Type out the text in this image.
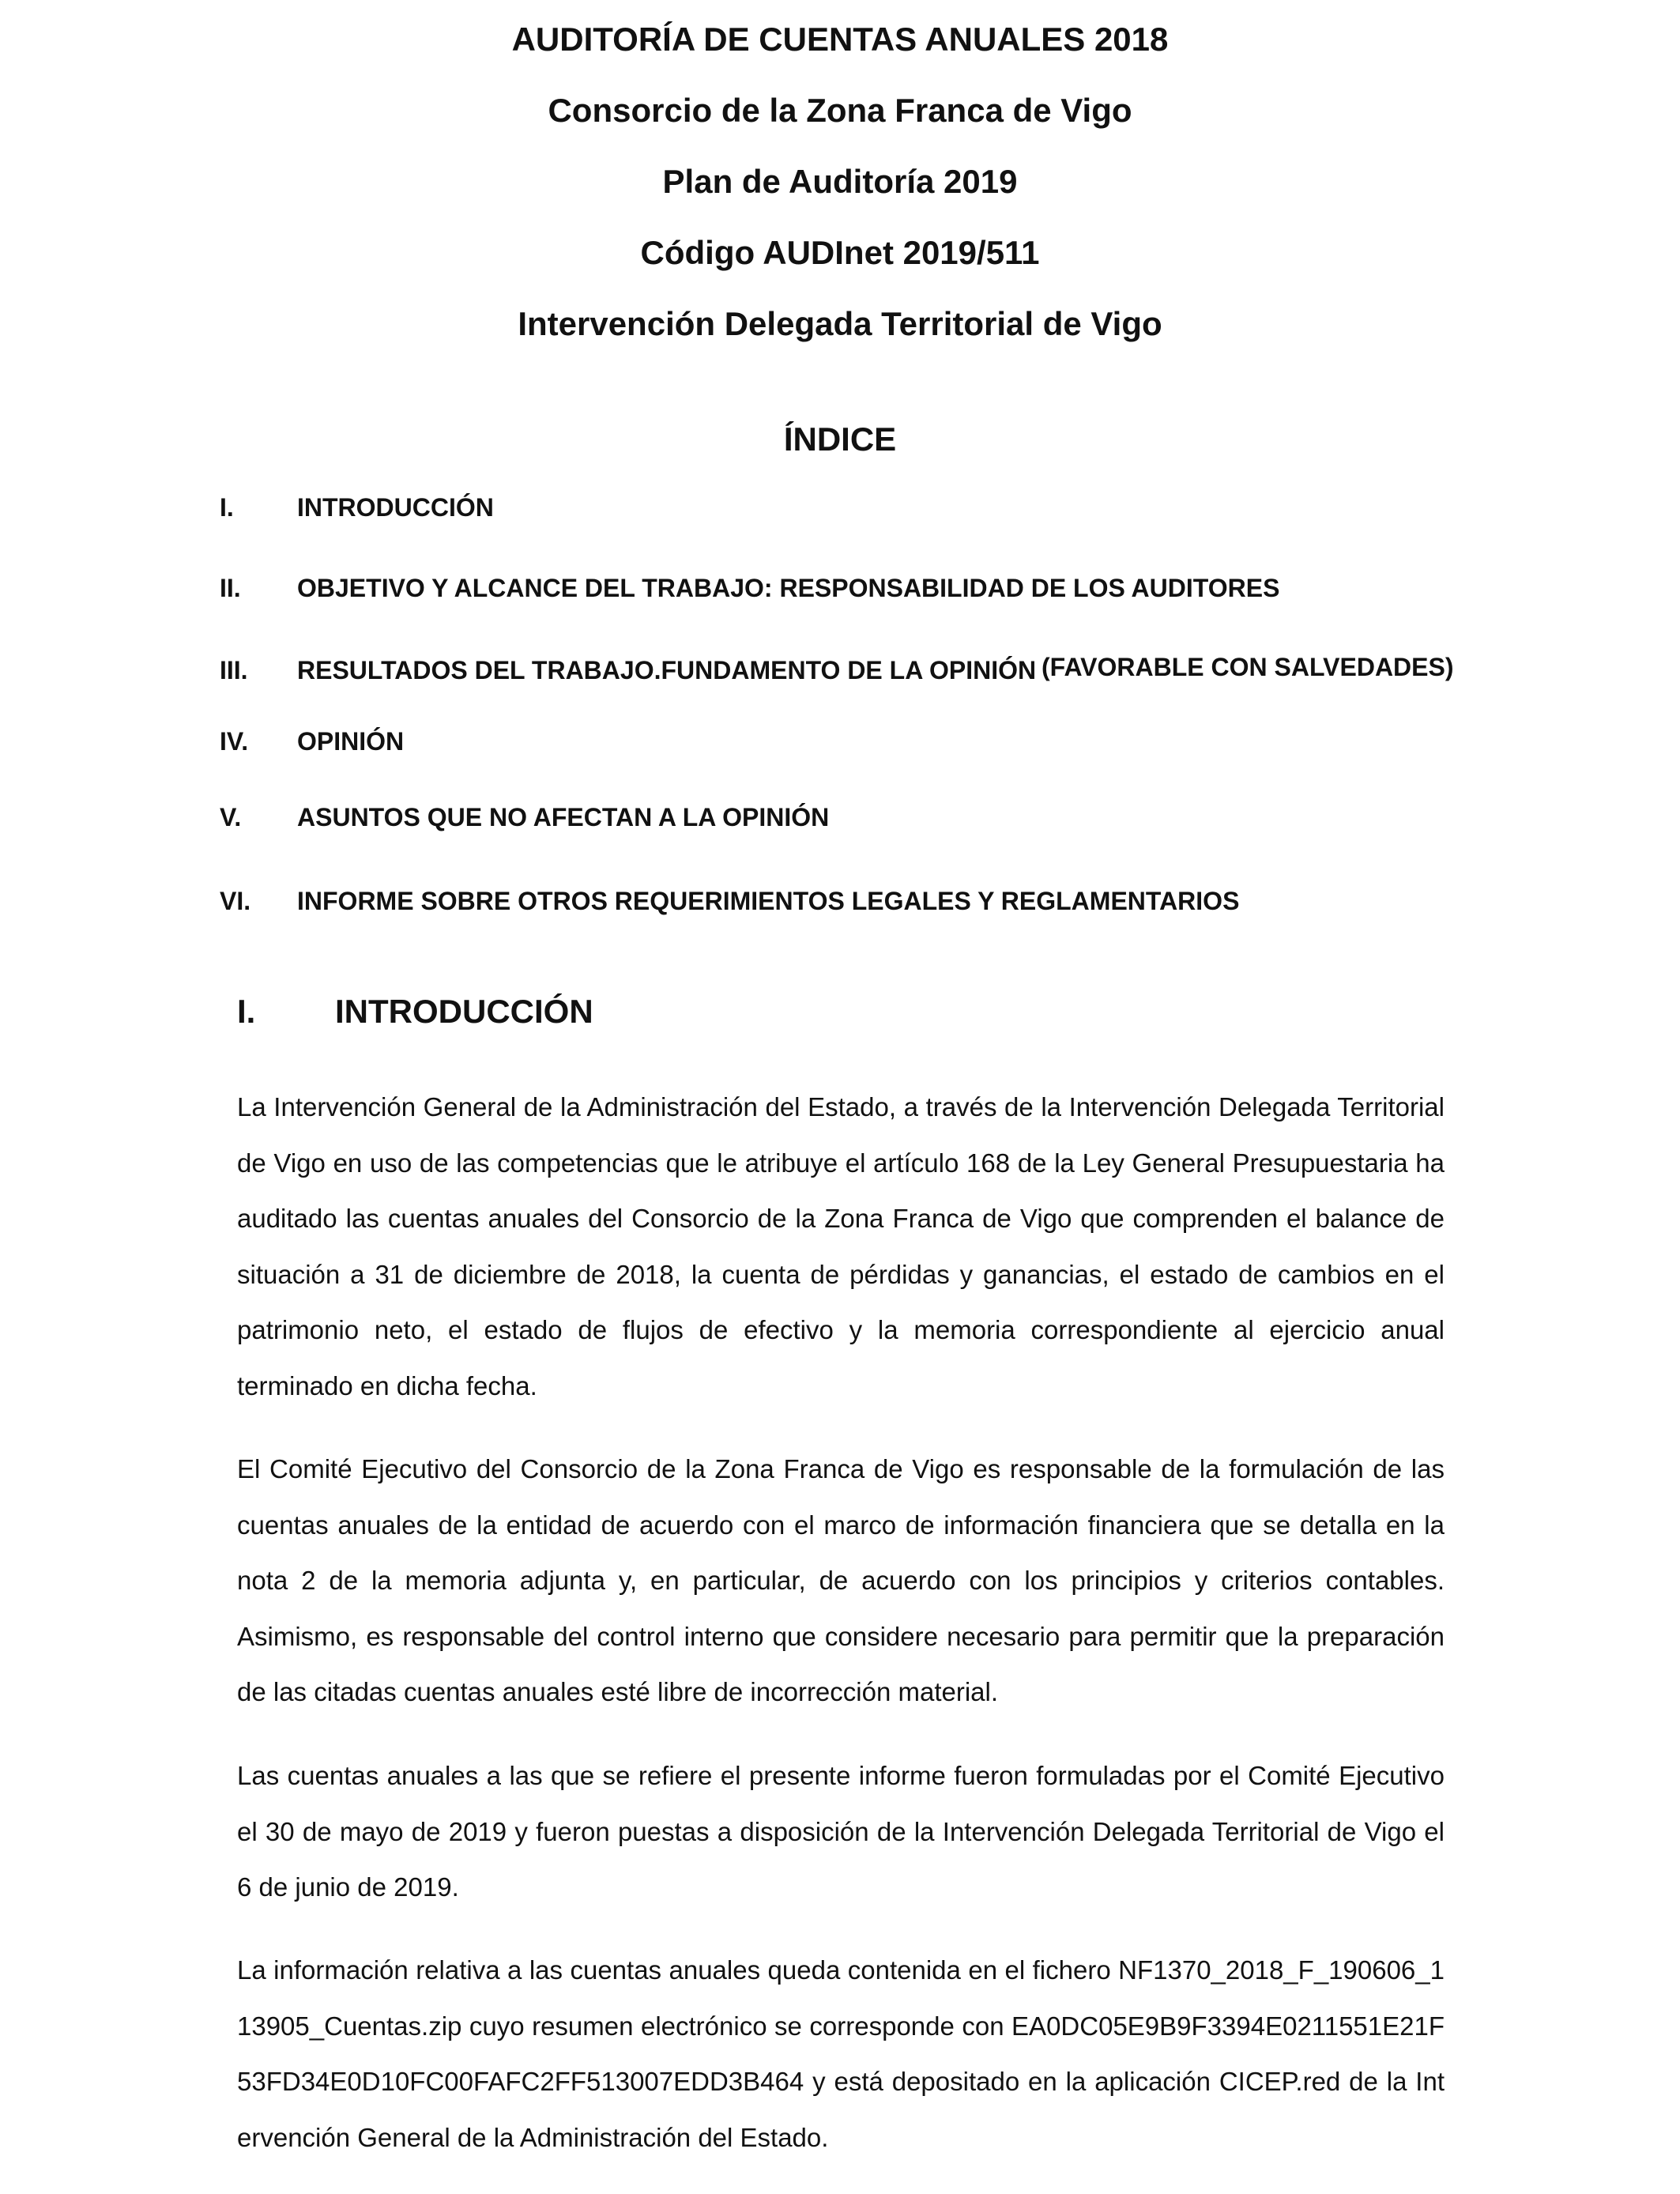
AUDITORÍA DE CUENTAS ANUALES 2018
Consorcio de la Zona Franca de Vigo
Plan de Auditoría 2019
Código AUDInet 2019/511
Intervención Delegada Territorial de Vigo
ÍNDICE
I.	INTRODUCCIÓN
II. OBJETIVO Y ALCANCE DEL TRABAJO: RESPONSABILIDAD DE LOS AUDITORES
III. RESULTADOS DEL TRABAJO.FUNDAMENTO DE LA OPINIÓN (FAVORABLE CON SALVEDADES)
IV. OPINIÓN
V. ASUNTOS QUE NO AFECTAN A LA OPINIÓN
VI. INFORME SOBRE OTROS REQUERIMIENTOS LEGALES Y REGLAMENTARIOS
I. INTRODUCCIÓN

La Intervención General de la Administración del Estado, a través de la Intervención Delegada Territorial de Vigo en uso de las competencias que le atribuye el artículo 168 de la Ley General Presupuestaria ha auditado las cuentas anuales del Consorcio de la Zona Franca de Vigo que comprenden el balance de situación a 31 de diciembre de 2018, la cuenta de pérdidas y ganancias, el estado de cambios en el patrimonio neto, el estado de flujos de efectivo y la memoria correspondiente al ejercicio anual terminado en dicha fecha.

El Comité Ejecutivo del Consorcio de la Zona Franca de Vigo es responsable de la formulación de las cuentas anuales de la entidad de acuerdo con el marco de información financiera que se detalla en la nota 2 de la memoria adjunta y, en particular, de acuerdo con los principios y criterios contables. Asimismo, es responsable del control interno que considere necesario para permitir que la preparación de las citadas cuentas anuales esté libre de incorrección material.

Las cuentas anuales a las que se refiere el presente informe fueron formuladas por el Comité Ejecutivo el 30 de mayo de 2019 y fueron puestas a disposición de la Intervención Delegada Territorial de Vigo el 6 de junio de 2019.

La información relativa a las cuentas anuales queda contenida en el fichero NF1370_2018_F_190606_113905_Cuentas.zip cuyo resumen electrónico se corresponde con EA0DC05E9B9F3394E0211551E21F53FD34E0D10FC00FAFC2FF513007EDD3B464 y está depositado en la aplicación CICEP.red de la Intervención General de la Administración del Estado.
